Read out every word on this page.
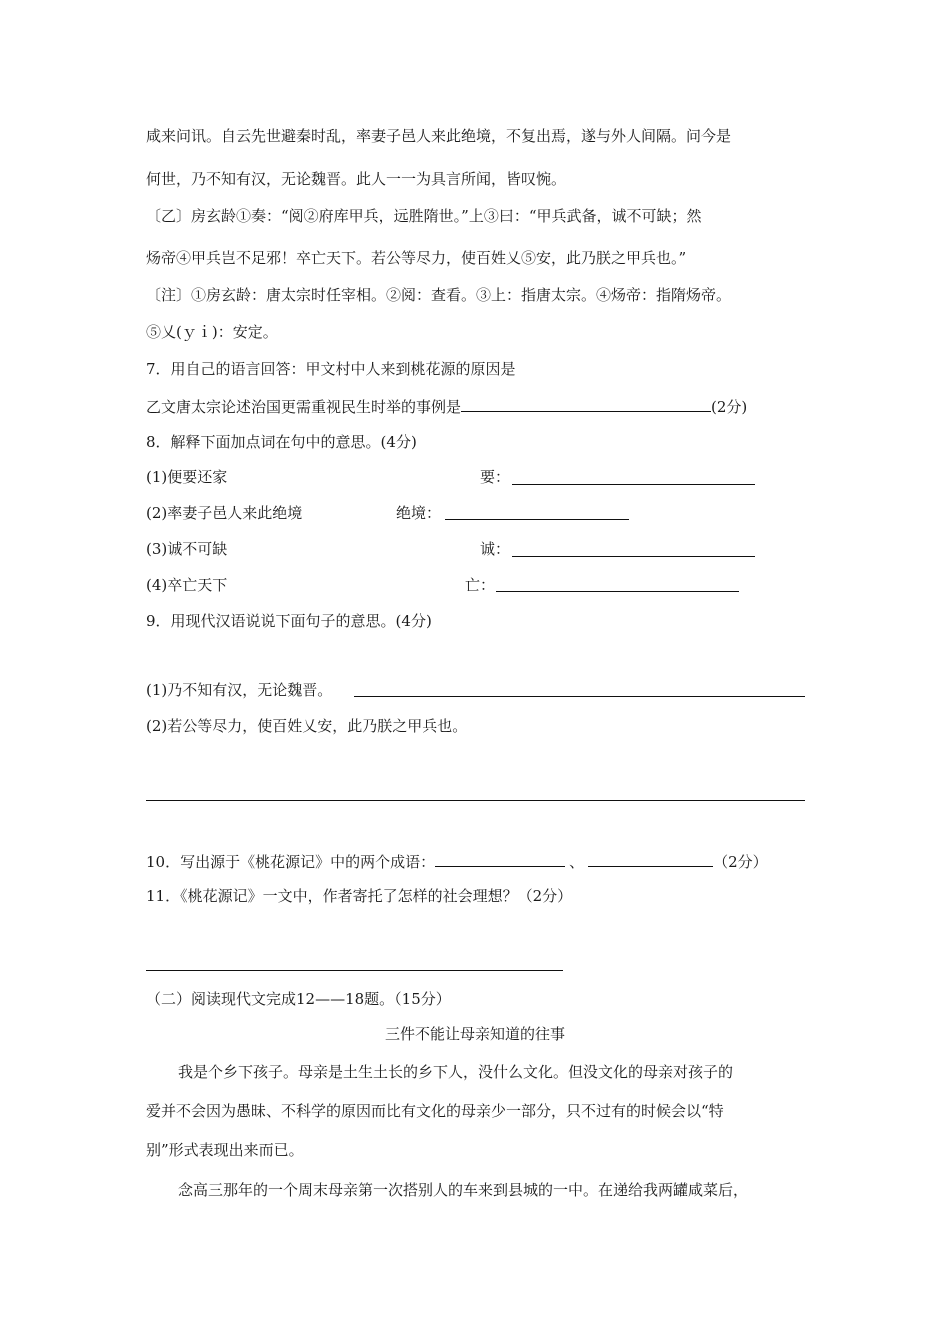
咸来问讯。自云先世避秦时乱，率妻子邑人来此绝境，不复出焉，遂与外人间隔。问今是
何世，乃不知有汉，无论魏晋。此人一一为具言所闻，皆叹惋。
〔乙〕房玄龄①奏：“阅②府库甲兵，远胜隋世。”上③曰：“甲兵武备，诚不可缺；然
炀帝④甲兵岂不足邪！卒亡天下。若公等尽力，使百姓乂⑤安，此乃朕之甲兵也。”
〔注〕①房玄龄：唐太宗时任宰相。②阅：查看。③上：指唐太宗。④炀帝：指隋炀帝。
⑤乂(ｙｉ)：安定。
7．用自己的语言回答：甲文村中人来到桃花源的原因是
乙文唐太宗论述治国更需重视民生时举的事例是	(2分)
8．解释下面加点词在句中的意思。(4分)
(1)便要还家	要：
(2)率妻子邑人来此绝境	绝境：
(3)诚不可缺	诚：
(4)卒亡天下	亡：
9．用现代汉语说说下面句子的意思。(4分)
(1)乃不知有汉，无论魏晋。
(2)若公等尽力，使百姓乂安，此乃朕之甲兵也。
10．写出源于《桃花源记》中的两个成语：	、	（2分）
11．《桃花源记》一文中，作者寄托了怎样的社会理想？（2分）
（二）阅读现代文完成12——18题。（15分）
三件不能让母亲知道的往事
我是个乡下孩子。母亲是土生土长的乡下人，没什么文化。但没文化的母亲对孩子的
爱并不会因为愚昧、不科学的原因而比有文化的母亲少一部分，只不过有的时候会以“特
别”形式表现出来而已。
念高三那年的一个周末母亲第一次搭别人的车来到县城的一中。在递给我两罐咸菜后，
